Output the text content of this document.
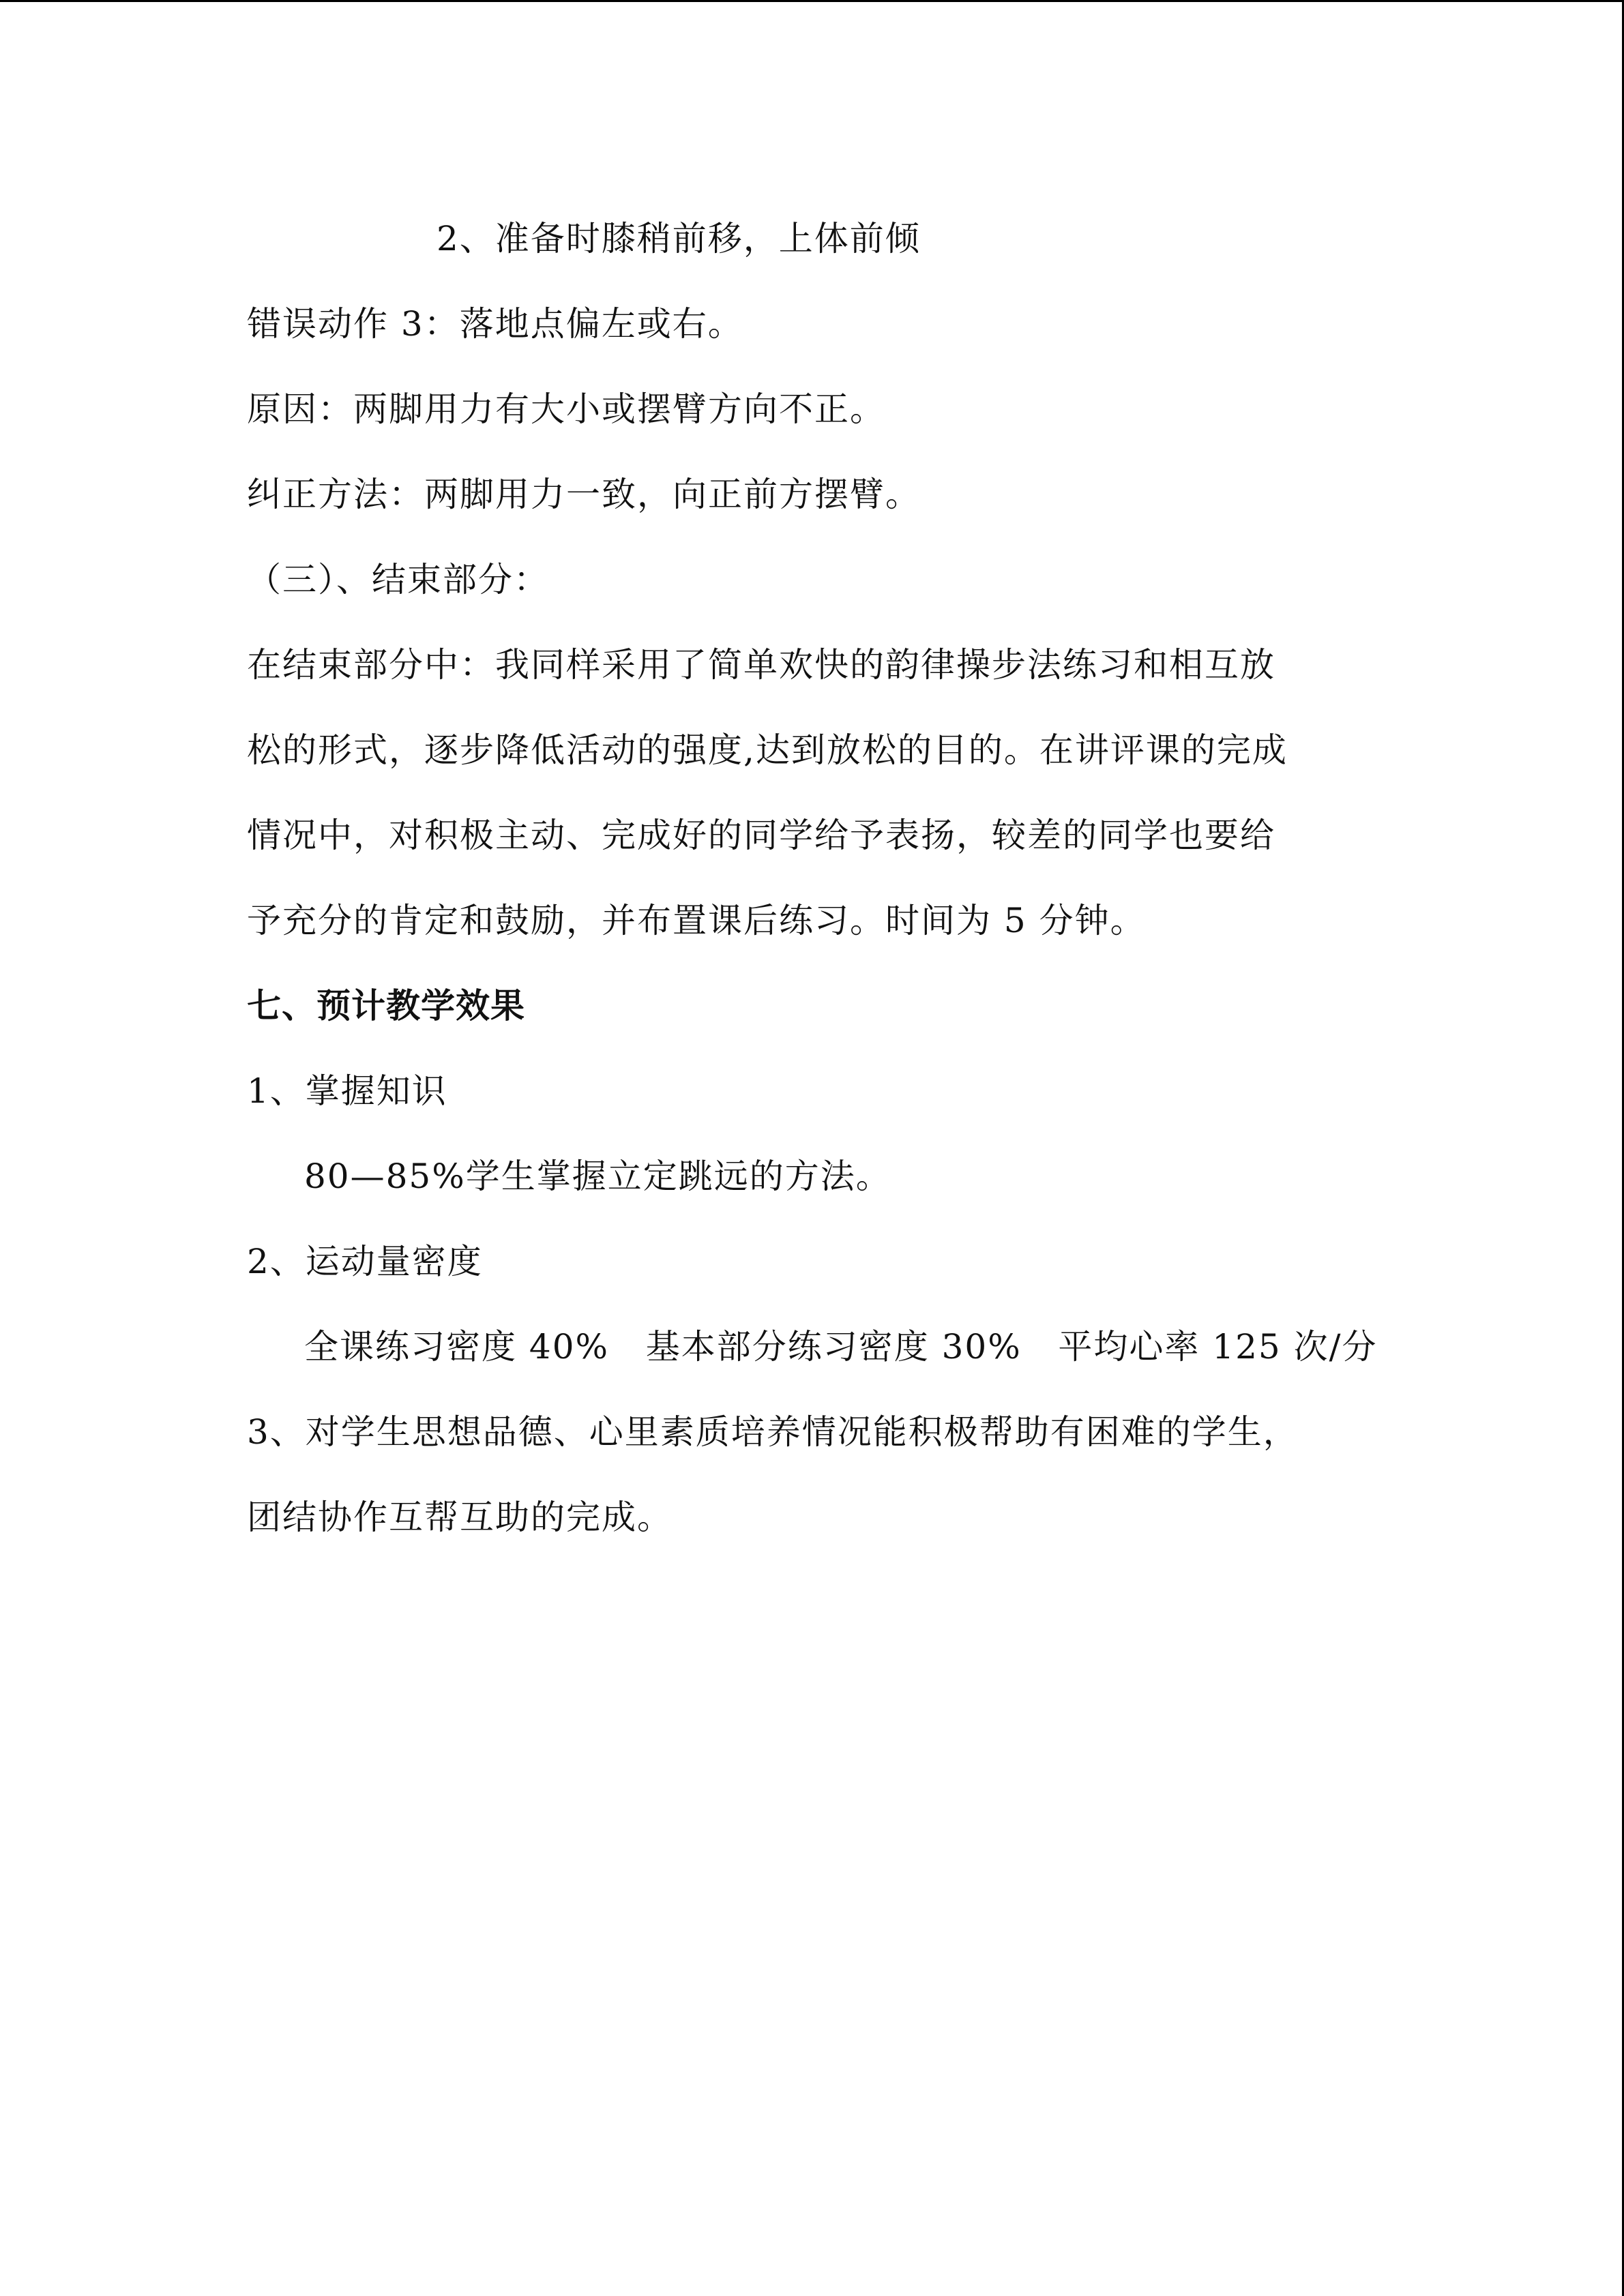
2、准备时膝稍前移，上体前倾
错误动作 3：落地点偏左或右。
原因：两脚用力有大小或摆臂方向不正。
纠正方法：两脚用力一致，向正前方摆臂。
（三）、结束部分：
在结束部分中：我同样采用了简单欢快的韵律操步法练习和相互放
松的形式，逐步降低活动的强度,达到放松的目的。在讲评课的完成
情况中，对积极主动、完成好的同学给予表扬，较差的同学也要给
予充分的肯定和鼓励，并布置课后练习。时间为 5 分钟。
七、预计教学效果
1、掌握知识
80—85%学生掌握立定跳远的方法。
2、运动量密度
全课练习密度 40%   基本部分练习密度 30%   平均心率 125 次/分
3、对学生思想品德、心里素质培养情况能积极帮助有困难的学生，
团结协作互帮互助的完成。
